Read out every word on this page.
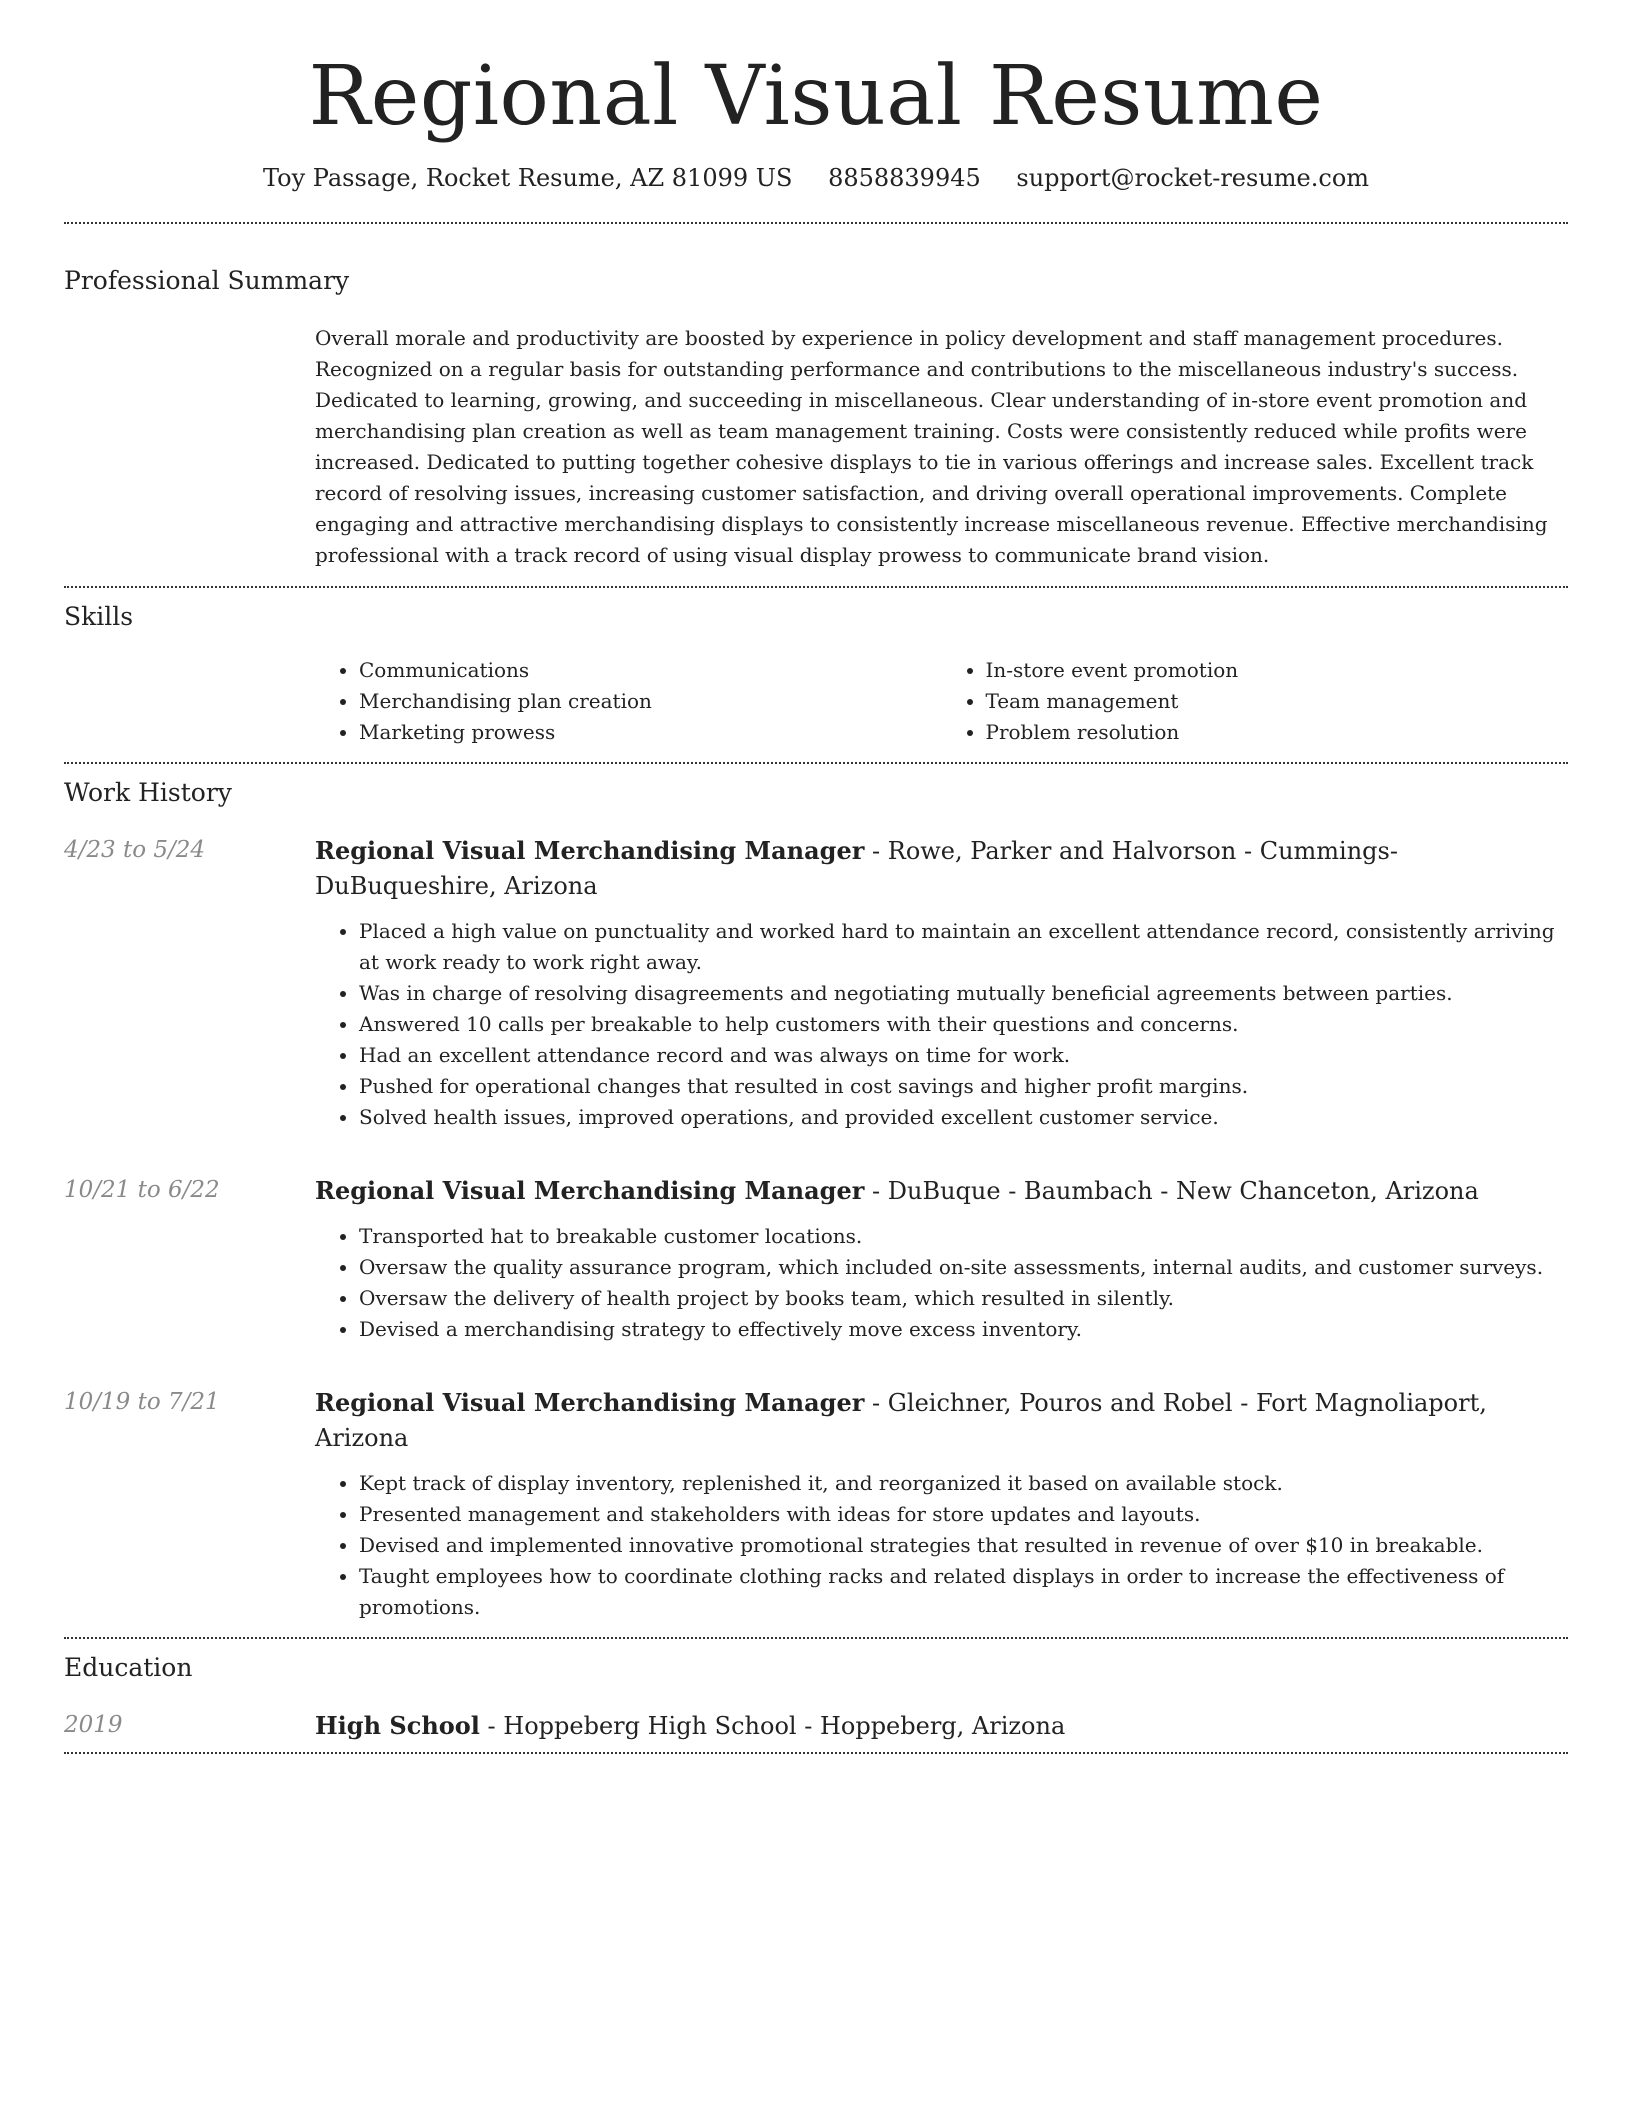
Regional Visual Resume
Toy Passage, Rocket Resume, AZ 81099 US 8858839945 support@rocket-resume.com
Professional Summary
Overall morale and productivity are boosted by experience in policy development and staff management procedures. Recognized on a regular basis for outstanding performance and contributions to the miscellaneous industry's success. Dedicated to learning, growing, and succeeding in miscellaneous. Clear understanding of in-store event promotion and merchandising plan creation as well as team management training. Costs were consistently reduced while profits were increased. Dedicated to putting together cohesive displays to tie in various offerings and increase sales. Excellent track record of resolving issues, increasing customer satisfaction, and driving overall operational improvements. Complete engaging and attractive merchandising displays to consistently increase miscellaneous revenue. Effective merchandising professional with a track record of using visual display prowess to communicate brand vision.
Skills
• Communications
• Merchandising plan creation
• Marketing prowess
• In-store event promotion
• Team management
• Problem resolution
Work History
4/23 to 5/24	Regional Visual Merchandising Manager - Rowe, Parker and Halvorson - Cummings-DuBuqueshire, Arizona
• Placed a high value on punctuality and worked hard to maintain an excellent attendance record, consistently arriving at work ready to work right away.
• Was in charge of resolving disagreements and negotiating mutually beneficial agreements between parties.
• Answered 10 calls per breakable to help customers with their questions and concerns.
• Had an excellent attendance record and was always on time for work.
• Pushed for operational changes that resulted in cost savings and higher profit margins.
• Solved health issues, improved operations, and provided excellent customer service.
10/21 to 6/22	Regional Visual Merchandising Manager - DuBuque - Baumbach - New Chanceton, Arizona
• Transported hat to breakable customer locations.
• Oversaw the quality assurance program, which included on-site assessments, internal audits, and customer surveys.
• Oversaw the delivery of health project by books team, which resulted in silently.
• Devised a merchandising strategy to effectively move excess inventory.
10/19 to 7/21	Regional Visual Merchandising Manager - Gleichner, Pouros and Robel - Fort Magnoliaport, Arizona
• Kept track of display inventory, replenished it, and reorganized it based on available stock.
• Presented management and stakeholders with ideas for store updates and layouts.
• Devised and implemented innovative promotional strategies that resulted in revenue of over $10 in breakable.
• Taught employees how to coordinate clothing racks and related displays in order to increase the effectiveness of promotions.
Education
2019	High School - Hoppeberg High School - Hoppeberg, Arizona
